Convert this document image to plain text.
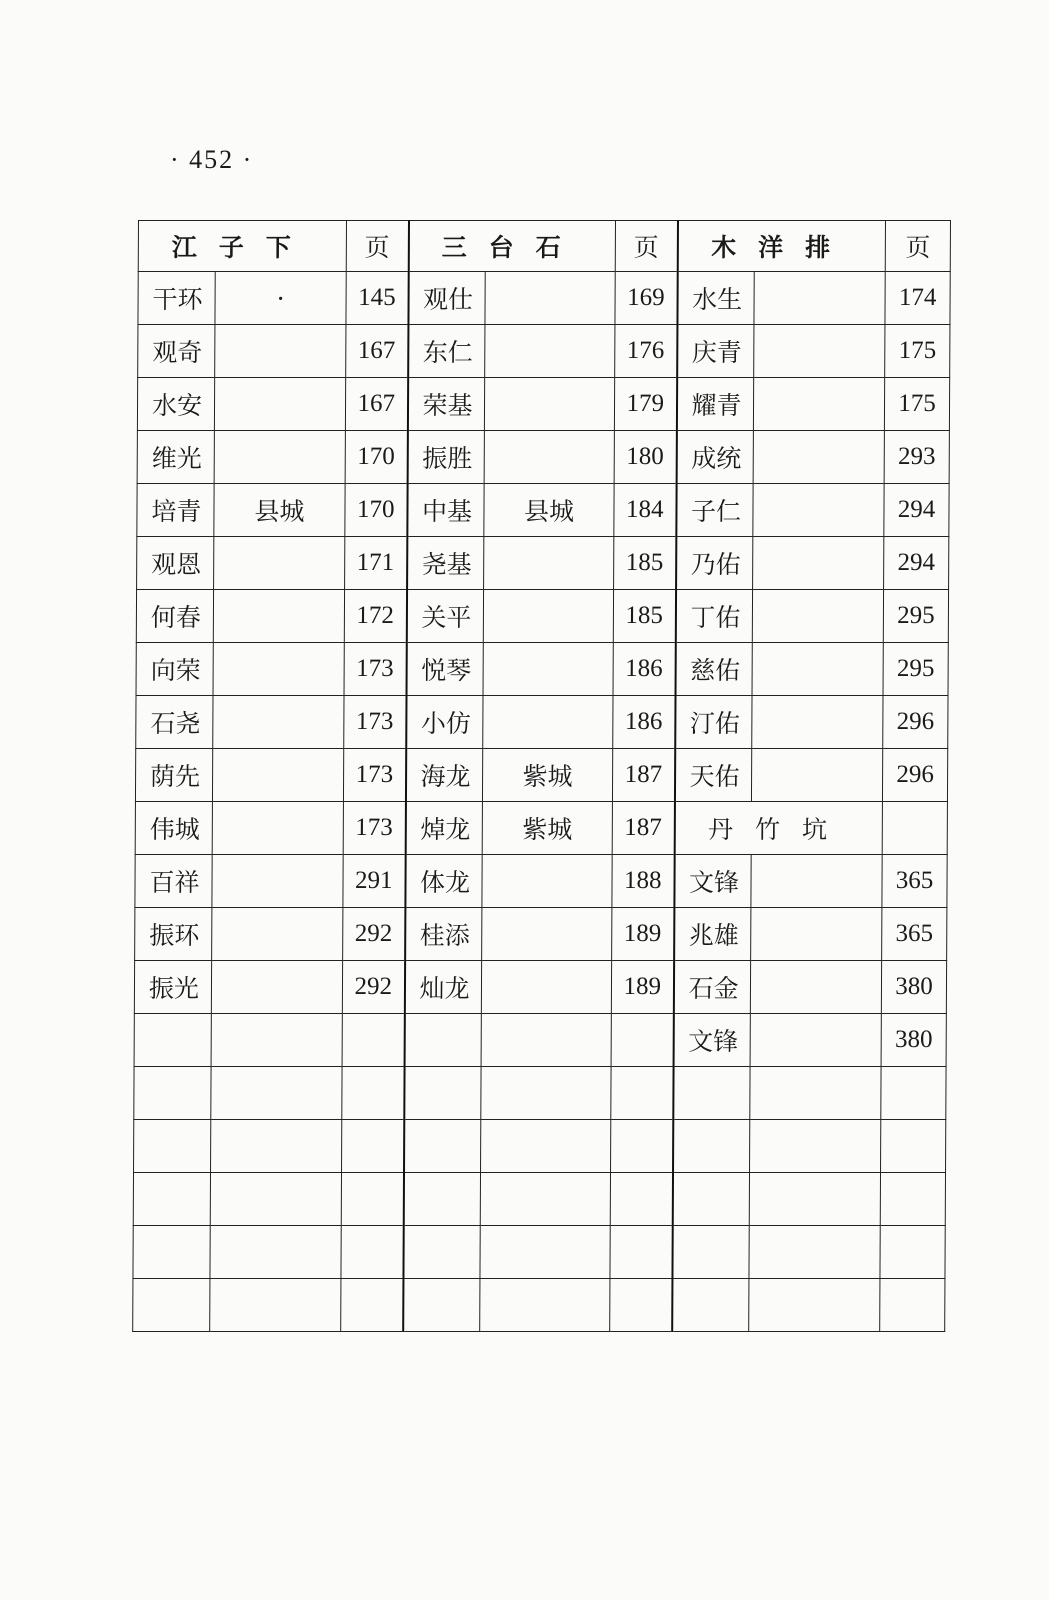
· 452 ·
江子下		页	三台石		页	木洋排		页
干环	·	145	观仕		169	水生		174
观奇		167	东仁		176	庆青		175
水安		167	荣基		179	耀青		175
维光		170	振胜		180	成统		293
培青	县城	170	中基	县城	184	子仁		294
观恩		171	尧基		185	乃佑		294
何春		172	关平		185	丁佑		295
向荣		173	悦琴		186	慈佑		295
石尧		173	小仿		186	汀佑		296
荫先		173	海龙	紫城	187	天佑		296
伟城		173	焯龙	紫城	187	丹竹坑		
百祥		291	体龙		188	文锋		365
振环		292	桂添		189	兆雄		365
振光		292	灿龙		189	石金		380
						文锋		380
